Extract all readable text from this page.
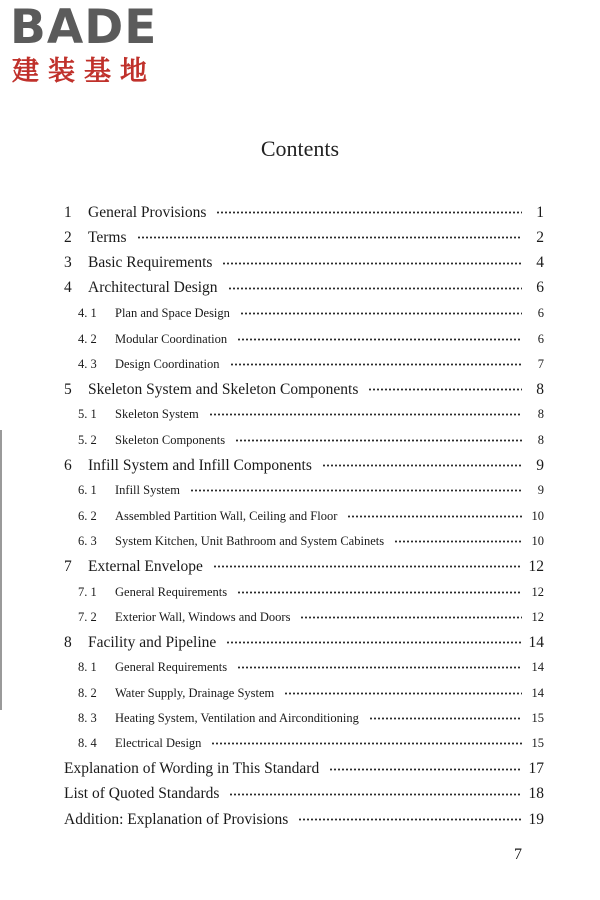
BADE
建装基地
Contents
1	General Provisions	1
2	Terms	2
3	Basic Requirements	4
4	Architectural Design	6
4. 1	Plan and Space Design	6
4. 2	Modular Coordination	6
4. 3	Design Coordination	7
5	Skeleton System and Skeleton Components	8
5. 1	Skeleton System	8
5. 2	Skeleton Components	8
6	Infill System and Infill Components	9
6. 1	Infill System	9
6. 2	Assembled Partition Wall, Ceiling and Floor	10
6. 3	System Kitchen, Unit Bathroom and System Cabinets	10
7	External Envelope	12
7. 1	General Requirements	12
7. 2	Exterior Wall, Windows and Doors	12
8	Facility and Pipeline	14
8. 1	General Requirements	14
8. 2	Water Supply, Drainage System	14
8. 3	Heating System, Ventilation and Airconditioning	15
8. 4	Electrical Design	15
Explanation of Wording in This Standard	17
List of Quoted Standards	18
Addition: Explanation of Provisions	19
7
